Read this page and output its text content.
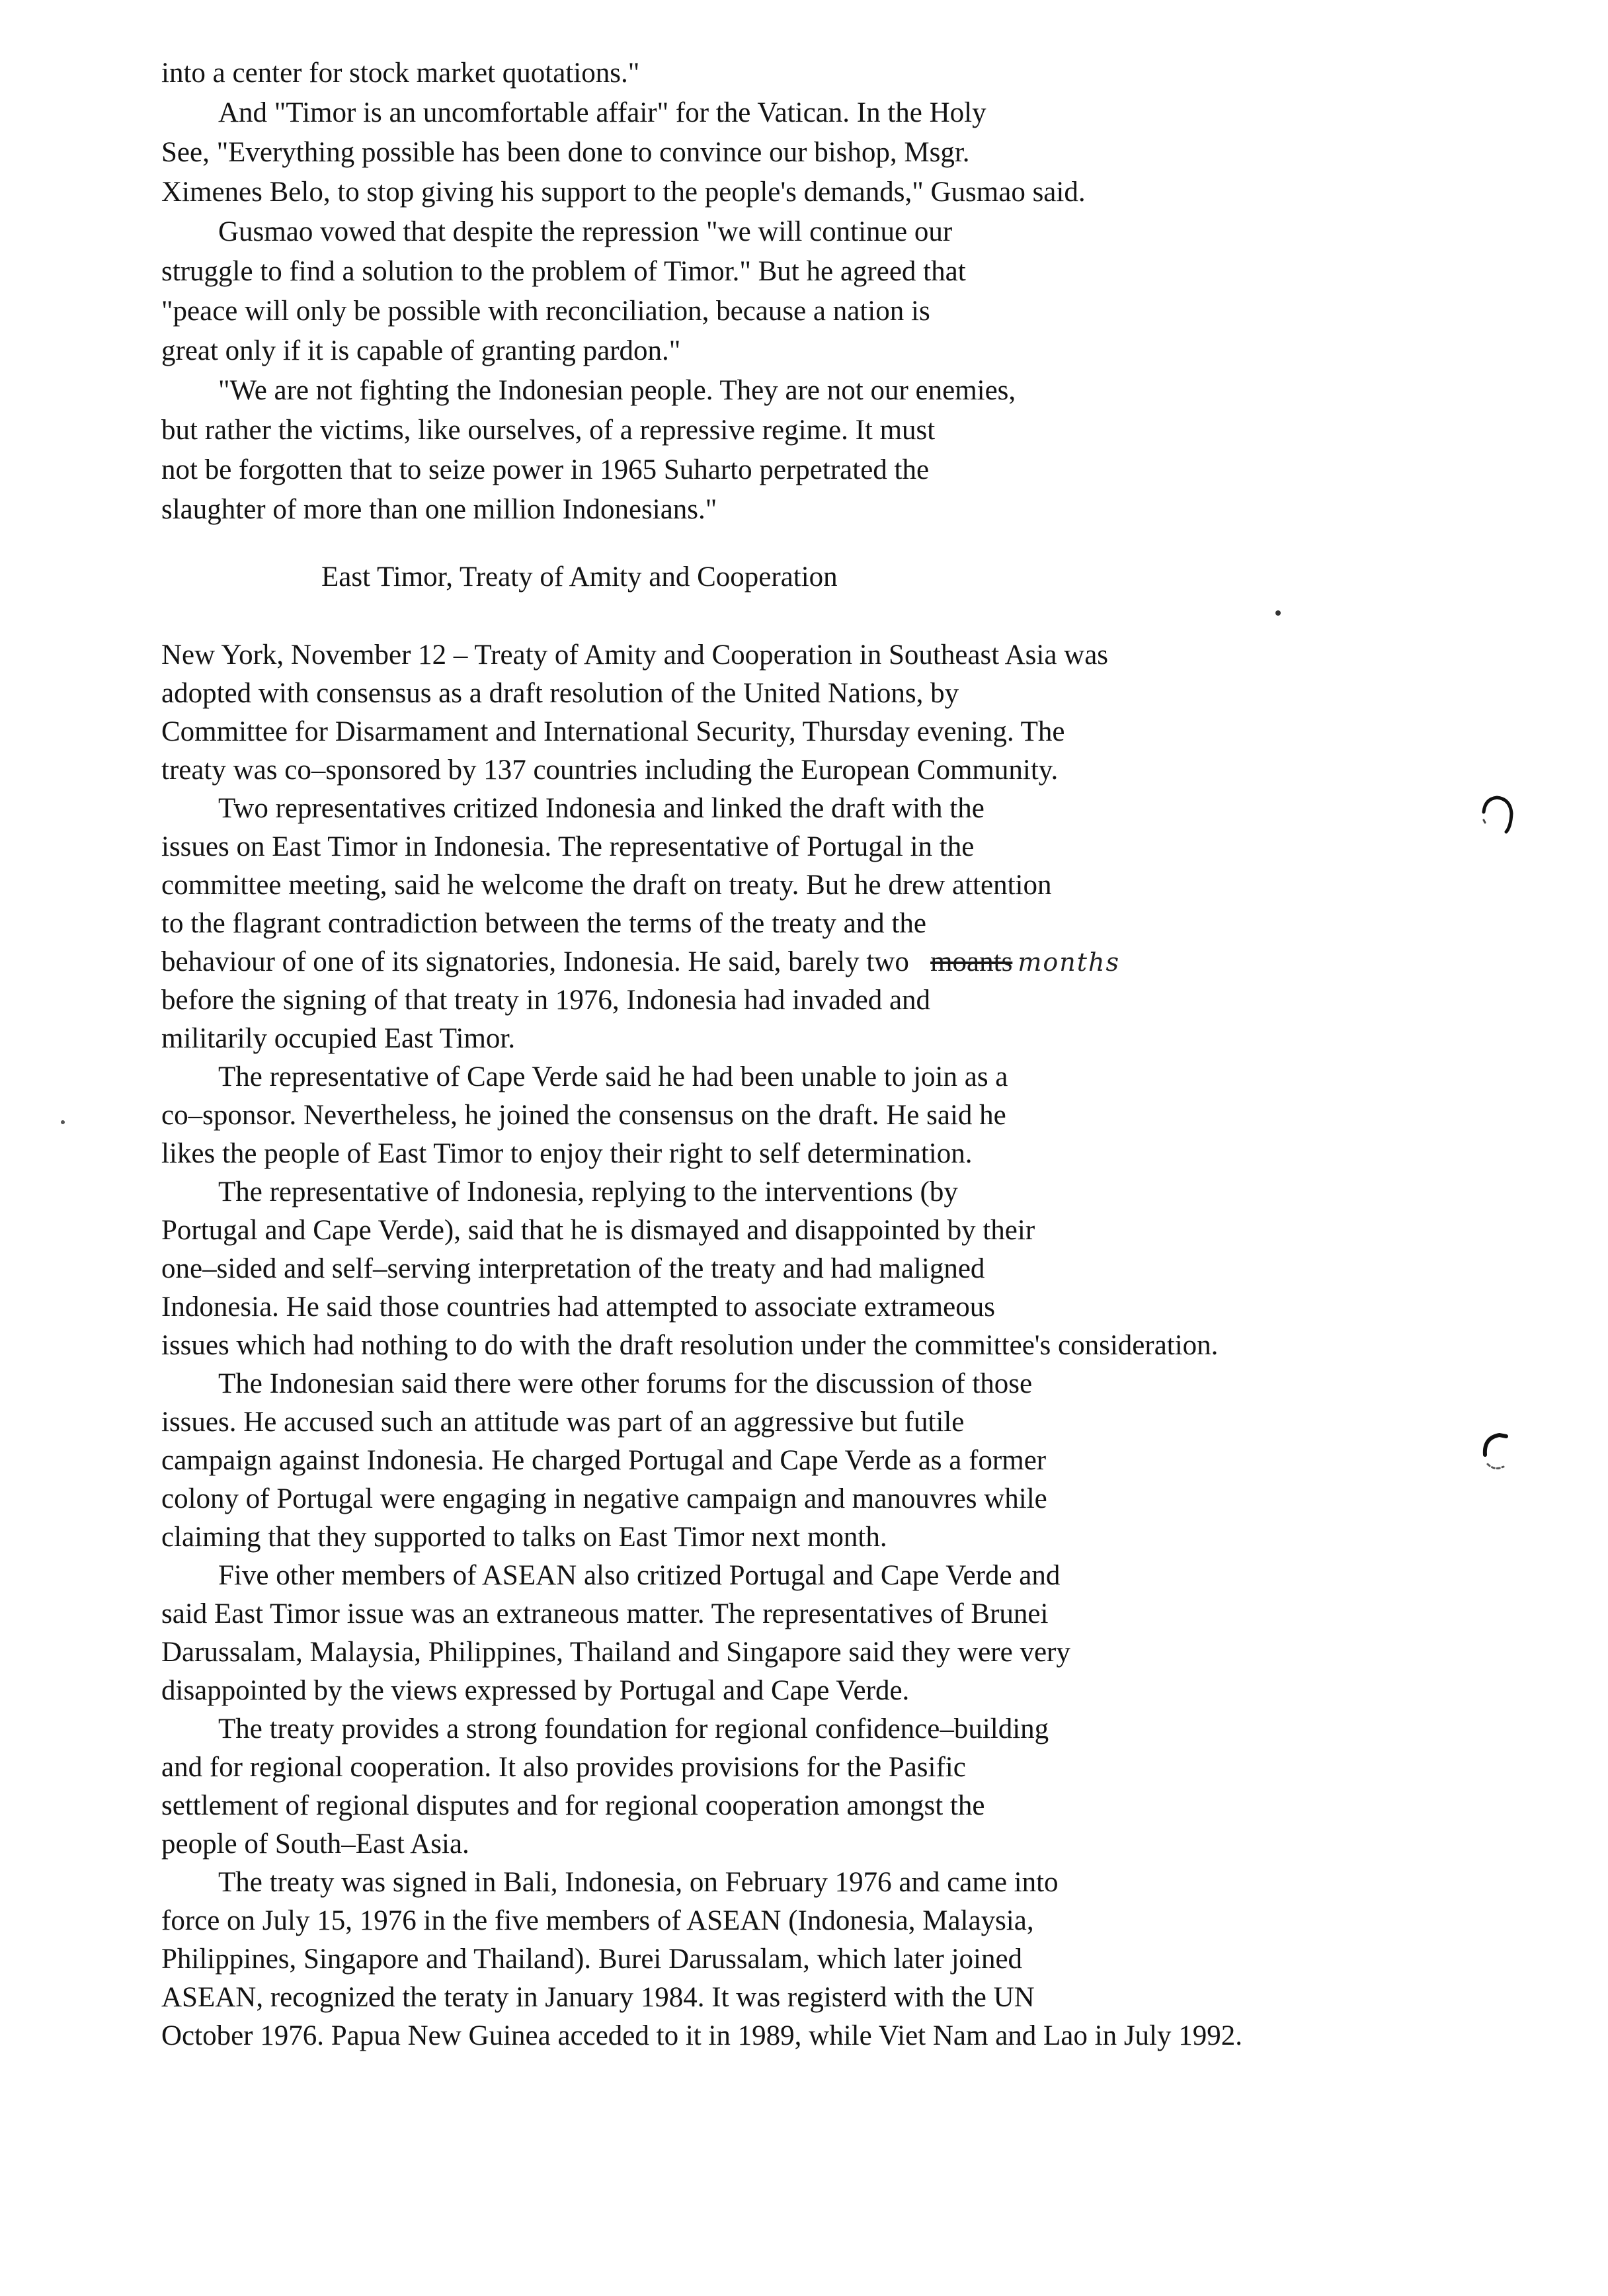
into a center for stock market quotations."

And "Timor is an uncomfortable affair" for the Vatican. In the Holy

See, "Everything possible has been done to convince our bishop, Msgr.

Ximenes Belo, to stop giving his support to the people's demands," Gusmao said.

Gusmao vowed that despite the repression "we will continue our

struggle to find a solution to the problem of Timor." But he agreed that

"peace will only be possible with reconciliation, because a nation is

great only if it is capable of granting pardon."

"We are not fighting the Indonesian people. They are not our enemies,

but rather the victims, like ourselves, of a repressive regime. It must

not be forgotten that to seize power in 1965 Suharto perpetrated the

slaughter of more than one million Indonesians."

East Timor, Treaty of Amity and Cooperation

New York, November 12 – Treaty of Amity and Cooperation in Southeast Asia was

adopted with consensus as a draft resolution of the United Nations, by

Committee for Disarmament and International Security, Thursday evening. The

treaty was co–sponsored by 137 countries including the European Community.

Two representatives critized Indonesia and linked the draft with the

issues on East Timor in Indonesia. The representative of Portugal in the

committee meeting, said he welcome the draft on treaty. But he drew attention

to the flagrant contradiction between the terms of the treaty and the

behaviour of one of its signatories, Indonesia. He said, barely two moants months

before the signing of that treaty in 1976, Indonesia had invaded and

militarily occupied East Timor.

The representative of Cape Verde said he had been unable to join as a

co–sponsor. Nevertheless, he joined the consensus on the draft. He said he

likes the people of East Timor to enjoy their right to self determination.

The representative of Indonesia, replying to the interventions (by

Portugal and Cape Verde), said that he is dismayed and disappointed by their

one–sided and self–serving interpretation of the treaty and had maligned

Indonesia. He said those countries had attempted to associate extrameous

issues which had nothing to do with the draft resolution under the committee's consideration.

The Indonesian said there were other forums for the discussion of those

issues. He accused such an attitude was part of an aggressive but futile

campaign against Indonesia. He charged Portugal and Cape Verde as a former

colony of Portugal were engaging in negative campaign and manouvres while

claiming that they supported to talks on East Timor next month.

Five other members of ASEAN also critized Portugal and Cape Verde and

said East Timor issue was an extraneous matter. The representatives of Brunei

Darussalam, Malaysia, Philippines, Thailand and Singapore said they were very

disappointed by the views expressed by Portugal and Cape Verde.

The treaty provides a strong foundation for regional confidence–building

and for regional cooperation. It also provides provisions for the Pasific

settlement of regional disputes and for regional cooperation amongst the

people of South–East Asia.

The treaty was signed in Bali, Indonesia, on February 1976 and came into

force on July 15, 1976 in the five members of ASEAN (Indonesia, Malaysia,

Philippines, Singapore and Thailand). Burei Darussalam, which later joined

ASEAN, recognized the teraty in January 1984. It was registerd with the UN

October 1976. Papua New Guinea acceded to it in 1989, while Viet Nam and Lao in July 1992.
